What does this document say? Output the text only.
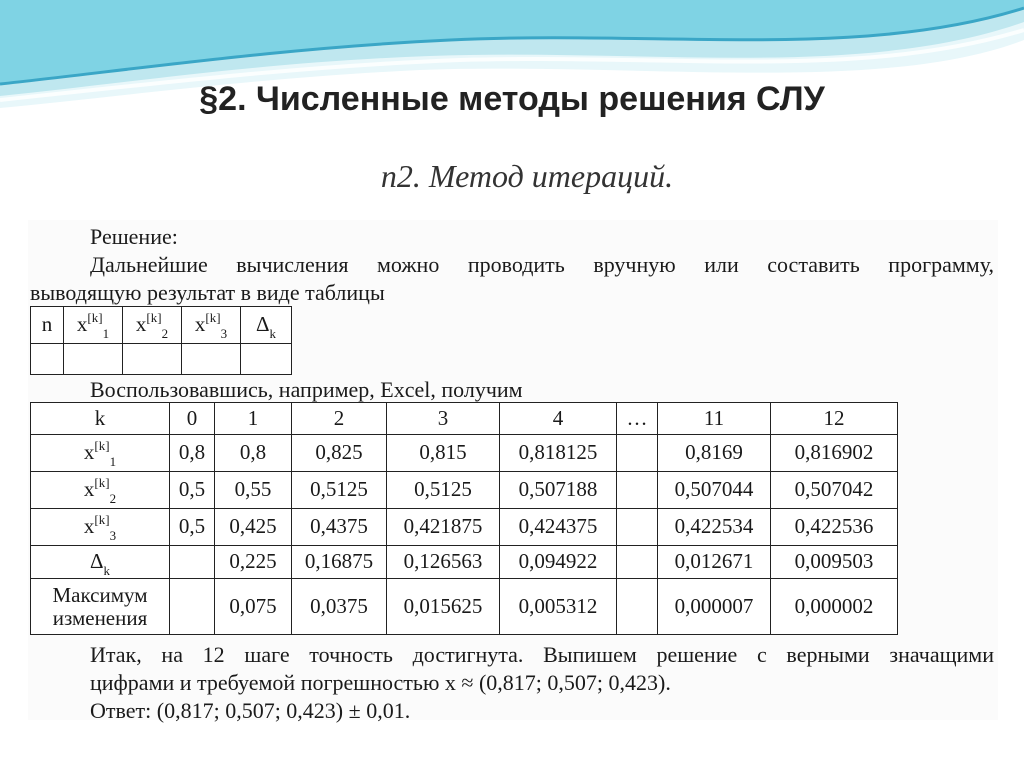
§2. Численные методы решения СЛУ
п2. Метод итераций.
Решение:
Дальнейшие вычисления можно проводить вручную или составить программу,
выводящую результат в виде таблицы
n	$x[k]_1$	$x[k]_2$	$x[k]_3$	$\Delta_k$

Воспользовавшись, например, Excel, получим
k	0	1	2	3	4	…	11	12
$x[k]_1$	0,8	0,8	0,825	0,815	0,818125		0,8169	0,816902
$x[k]_2$	0,5	0,55	0,5125	0,5125	0,507188		0,507044	0,507042
$x[k]_3$	0,5	0,425	0,4375	0,421875	0,424375		0,422534	0,422536
$\Delta_k$		0,225	0,16875	0,126563	0,094922		0,012671	0,009503
Максимум
изменения		0,075	0,0375	0,015625	0,005312		0,000007	0,000002
Итак, на 12 шаге точность достигнута. Выпишем решение с верными значащими
цифрами и требуемой погрешностью x ≈ (0,817; 0,507; 0,423).
Ответ: (0,817; 0,507; 0,423) ± 0,01.
